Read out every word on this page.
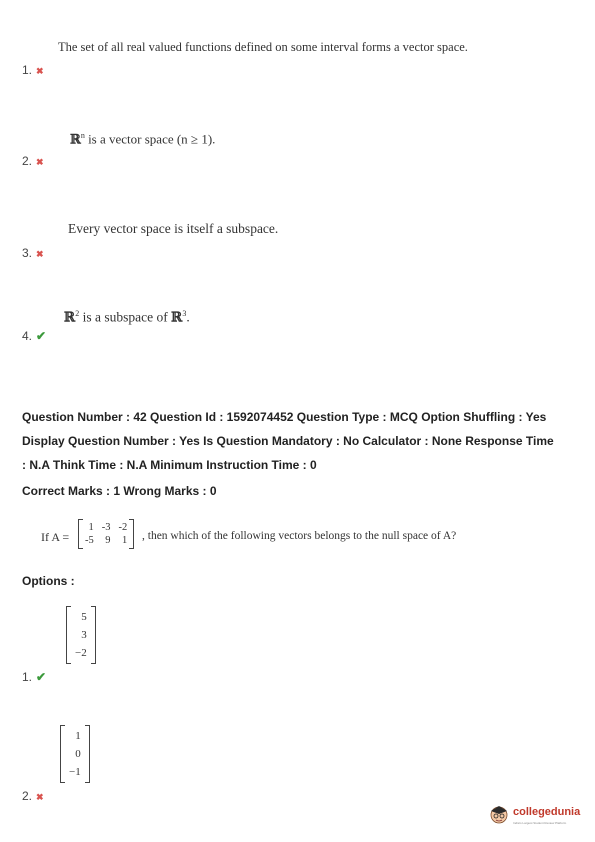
The set of all real valued functions defined on some interval forms a vector space.
1. ✖
ℝ$^n$ is a vector space (n ≥ 1).
2. ✖
Every vector space is itself a subspace.
3. ✖
ℝ$^2$ is a subspace of ℝ$^3$.
4. ✔
Question Number : 42 Question Id : 1592074452 Question Type : MCQ Option Shuffling : Yes
Display Question Number : Yes Is Question Mandatory : No Calculator : None Response Time
: N.A Think Time : N.A Minimum Instruction Time : 0
Correct Marks : 1 Wrong Marks : 0
If A =
1	-3	-2
-5	9	1 , then which of the following vectors belongs to the null space of A?
Options :
5
3
−2
1. ✔
1
0
−1
2. ✖
collegedunia
India's Largest Student Review Platform
